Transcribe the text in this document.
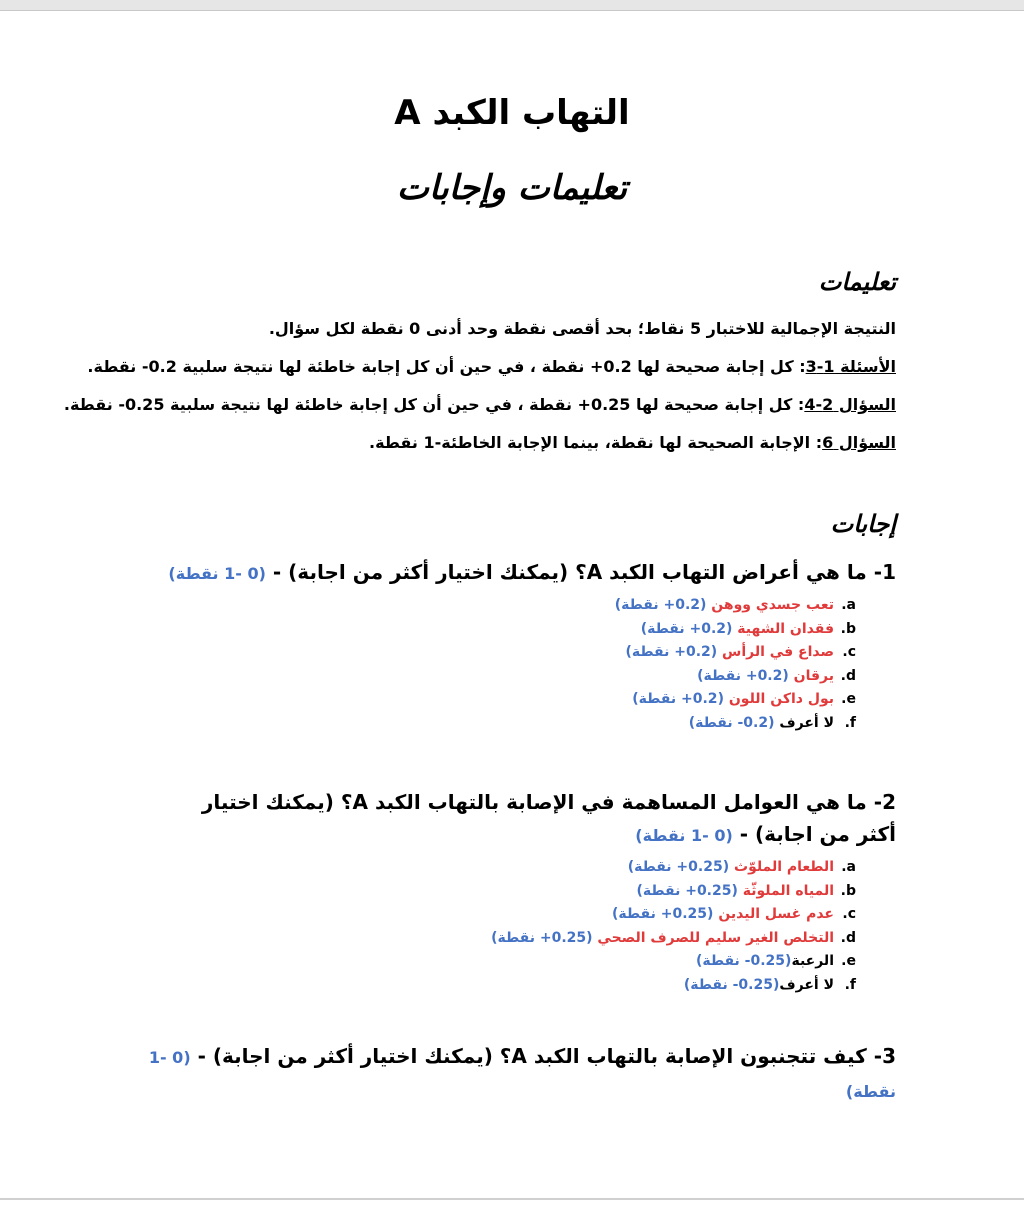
التهاب الكبد A
تعليمات وإجابات

تعليمات

النتيجة الإجمالية للاختبار 5 نقاط؛ بحد أقصى نقطة وحد أدنى 0 نقطة لكل سؤال.

الأسئلة 1-3: كل إجابة صحيحة لها 0.2+ نقطة ، في حين أن كل إجابة خاطئة لها نتيجة سلبية 0.2- نقطة.

السؤال 2-4: كل إجابة صحيحة لها 0.25+ نقطة ، في حين أن كل إجابة خاطئة لها نتيجة سلبية 0.25- نقطة.

السؤال 6: الإجابة الصحيحة لها نقطة، بينما الإجابة الخاطئة-1 نقطة.

إجابات

1- ما هي أعراض التهاب الكبد A؟ (يمكنك اختيار أكثر من اجابة) - (0 -1 نقطة)

a.تعب جسدي ووهن (0.2+ نقطة)
b.فقدان الشهية (0.2+ نقطة)
c.صداع في الرأس (0.2+ نقطة)
d.يرقان (0.2+ نقطة)
e.بول داكن اللون (0.2+ نقطة)
f.لا أعرف (0.2- نقطة)

2- ما هي العوامل المساهمة في الإصابة بالتهاب الكبد A؟ (يمكنك اختيار أكثر من اجابة) - (0 -1 نقطة)

a.الطعام الملوّث (0.25+ نقطة)
b.المياه الملوثّة (0.25+ نقطة)
c.عدم غسل اليدين (0.25+ نقطة)
d.التخلص الغير سليم للصرف الصحي (0.25+ نقطة)
e.الرعبة(0.25- نقطة)
f.لا أعرف(0.25- نقطة)

3- كيف تتجنبون الإصابة بالتهاب الكبد A؟ (يمكنك اختيار أكثر من اجابة) - (0 -1 نقطة)
